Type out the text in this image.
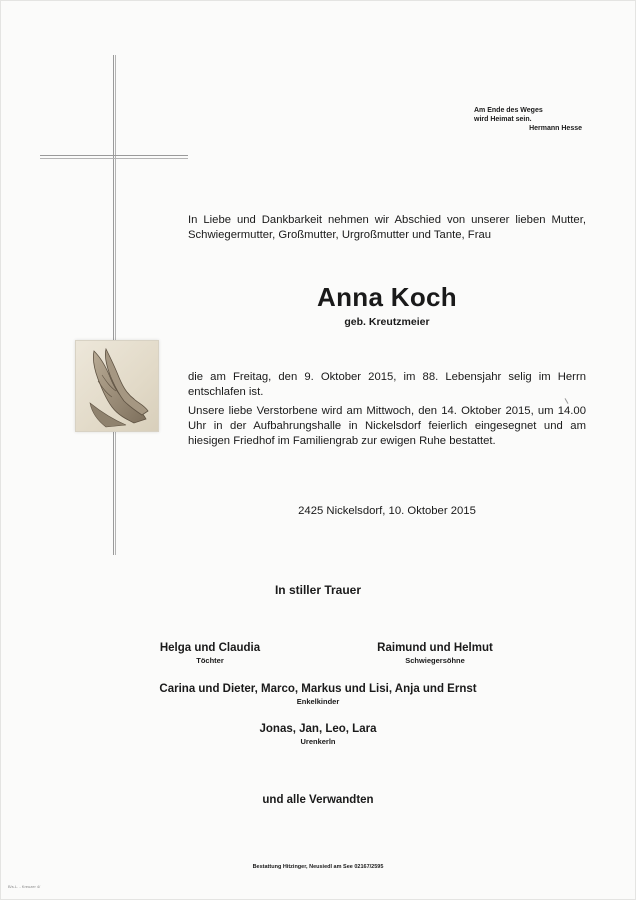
Am Ende des Weges
wird Heimat sein.
Hermann Hesse
In Liebe und Dankbarkeit nehmen wir Abschied von unserer lieben Mutter, Schwiegermutter, Großmutter, Urgroßmutter und Tante, Frau
Anna Koch
geb. Kreutzmeier
die am Freitag, den 9. Oktober 2015, im 88. Lebensjahr selig im Herrn entschlafen ist.
Unsere liebe Verstorbene wird am Mittwoch, den 14. Oktober 2015, um 14.00 Uhr in der Aufbahrungshalle in Nickelsdorf feierlich eingesegnet und am hiesigen Friedhof im Familiengrab zur ewigen Ruhe bestattet.
2425 Nickelsdorf, 10. Oktober 2015
In stiller Trauer
Helga und Claudia
Töchter
Raimund und Helmut
Schwiegersöhne
Carina und Dieter, Marco, Markus und Lisi, Anja und Ernst
Enkelkinder
Jonas, Jan, Leo, Lara
Urenkerln
und alle Verwandten
Bestattung Hitzinger, Neusiedl am See 02167/2595
B/s.L. - Kreuzer 4/
